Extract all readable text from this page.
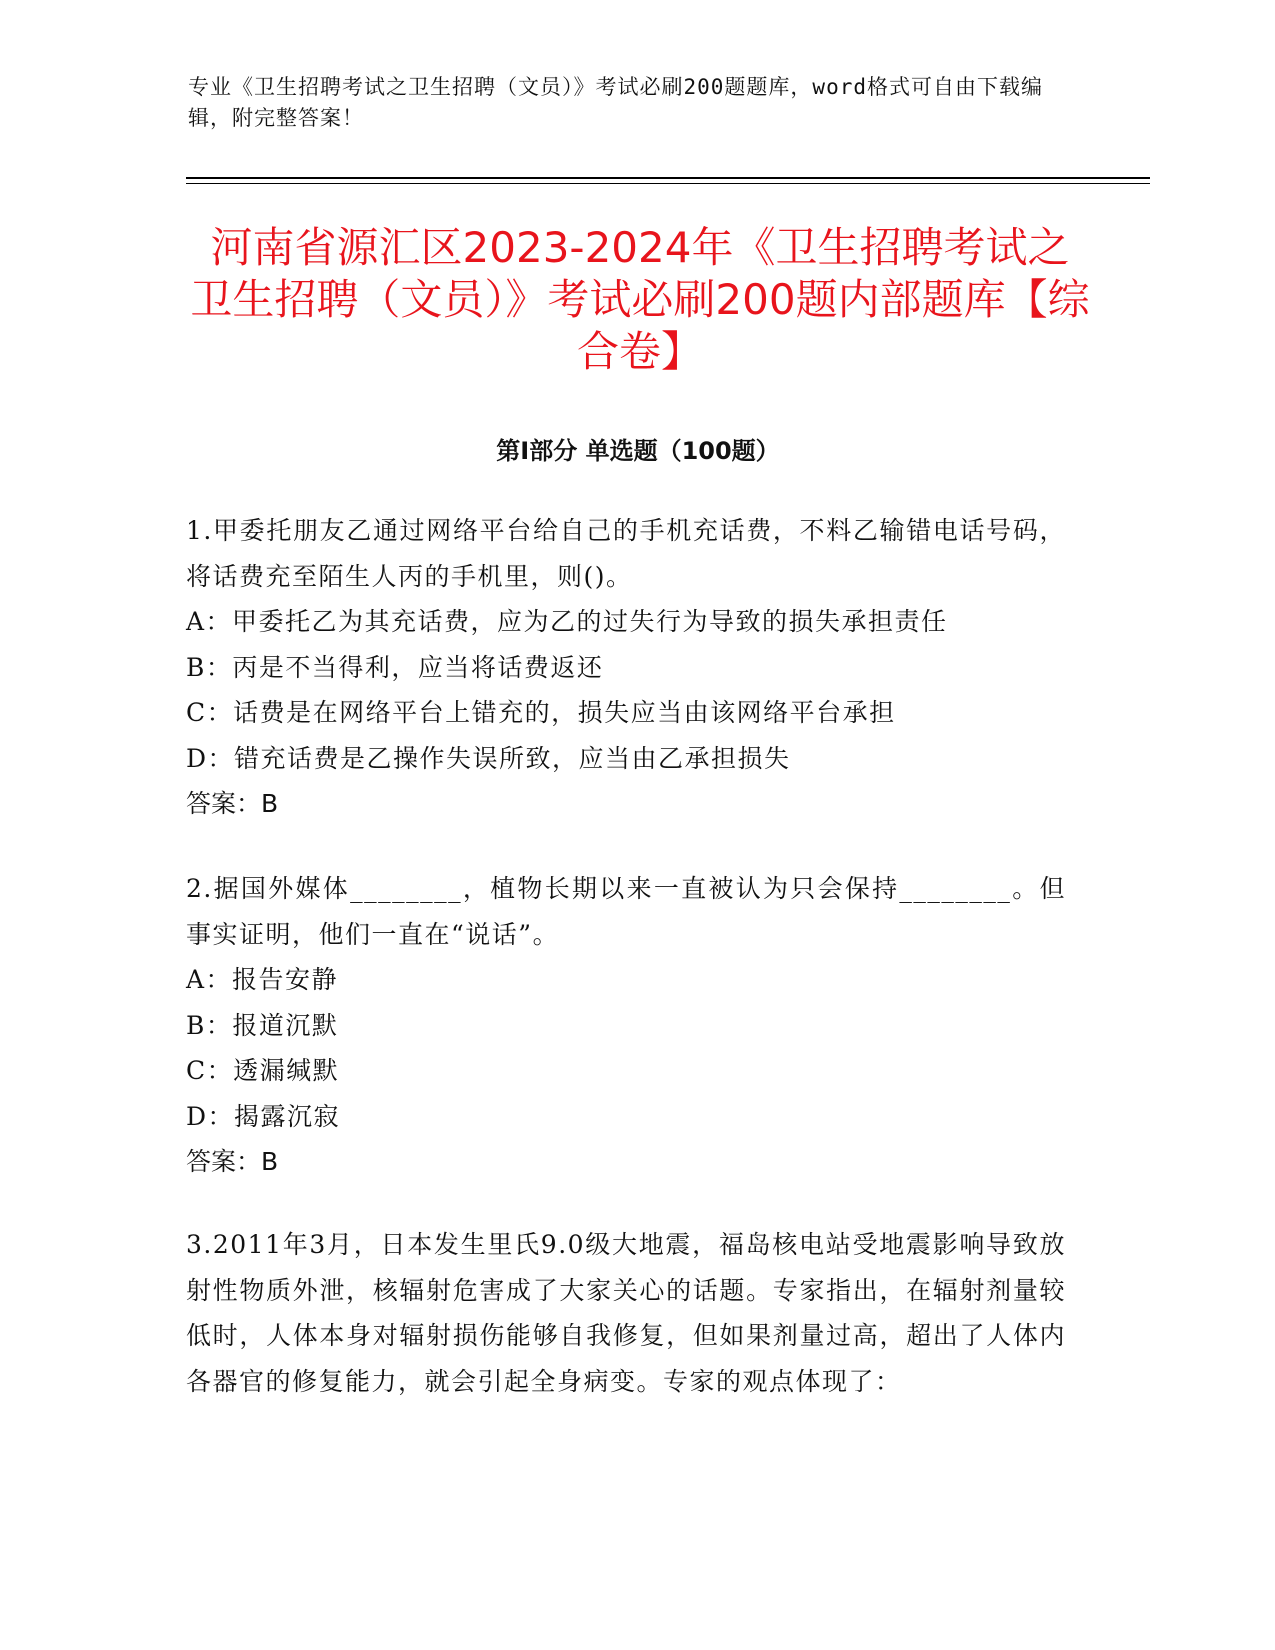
专业《卫生招聘考试之卫生招聘（文员）》考试必刷200题题库，word格式可自由下载编辑，附完整答案！
河南省源汇区2023-2024年《卫生招聘考试之卫生招聘（文员）》考试必刷200题内部题库【综合卷】
第I部分 单选题（100题）

1.甲委托朋友乙通过网络平台给自己的手机充话费，不料乙输错电话号码，将话费充至陌生人丙的手机里，则()。

A：甲委托乙为其充话费，应为乙的过失行为导致的损失承担责任

B：丙是不当得利，应当将话费返还

C：话费是在网络平台上错充的，损失应当由该网络平台承担

D：错充话费是乙操作失误所致，应当由乙承担损失

答案：B

2.据国外媒体________，植物长期以来一直被认为只会保持________。但事实证明，他们一直在“说话”。

A：报告安静

B：报道沉默

C：透漏缄默

D：揭露沉寂

答案：B

3.2011年3月，日本发生里氏9.0级大地震，福岛核电站受地震影响导致放射性物质外泄，核辐射危害成了大家关心的话题。专家指出，在辐射剂量较低时，人体本身对辐射损伤能够自我修复，但如果剂量过高，超出了人体内各器官的修复能力，就会引起全身病变。专家的观点体现了：
